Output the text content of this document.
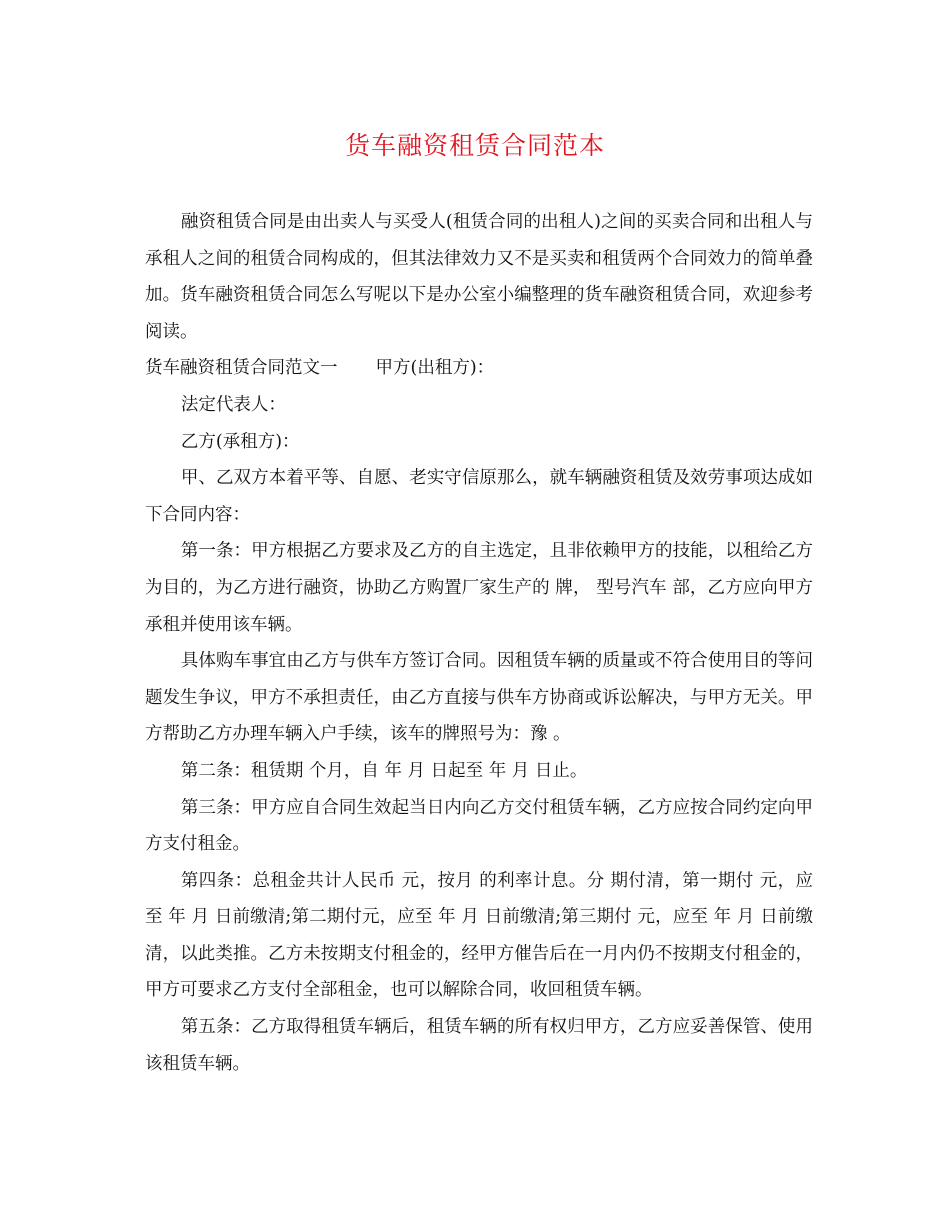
货车融资租赁合同范本

融资租赁合同是由出卖人与买受人(租赁合同的出租人)之间的买卖合同和出租人与承租人之间的租赁合同构成的，但其法律效力又不是买卖和租赁两个合同效力的简单叠加。货车融资租赁合同怎么写呢以下是办公室小编整理的货车融资租赁合同，欢迎参考阅读。

货车融资租赁合同范文一 甲方(出租方)：

法定代表人：

乙方(承租方)：

甲、乙双方本着平等、自愿、老实守信原那么，就车辆融资租赁及效劳事项达成如下合同内容：

第一条：甲方根据乙方要求及乙方的自主选定，且非依赖甲方的技能，以租给乙方为目的，为乙方进行融资，协助乙方购置厂家生产的 牌， 型号汽车 部，乙方应向甲方承租并使用该车辆。

具体购车事宜由乙方与供车方签订合同。因租赁车辆的质量或不符合使用目的等问题发生争议，甲方不承担责任，由乙方直接与供车方协商或诉讼解决，与甲方无关。甲方帮助乙方办理车辆入户手续，该车的牌照号为：豫 。

第二条：租赁期 个月，自 年 月 日起至 年 月 日止。

第三条：甲方应自合同生效起当日内向乙方交付租赁车辆，乙方应按合同约定向甲方支付租金。

第四条：总租金共计人民币 元，按月 的利率计息。分 期付清，第一期付 元，应至 年 月 日前缴清;第二期付元，应至 年 月 日前缴清;第三期付 元，应至 年 月 日前缴清，以此类推。乙方未按期支付租金的，经甲方催告后在一月内仍不按期支付租金的，甲方可要求乙方支付全部租金，也可以解除合同，收回租赁车辆。

第五条：乙方取得租赁车辆后，租赁车辆的所有权归甲方，乙方应妥善保管、使用该租赁车辆。
